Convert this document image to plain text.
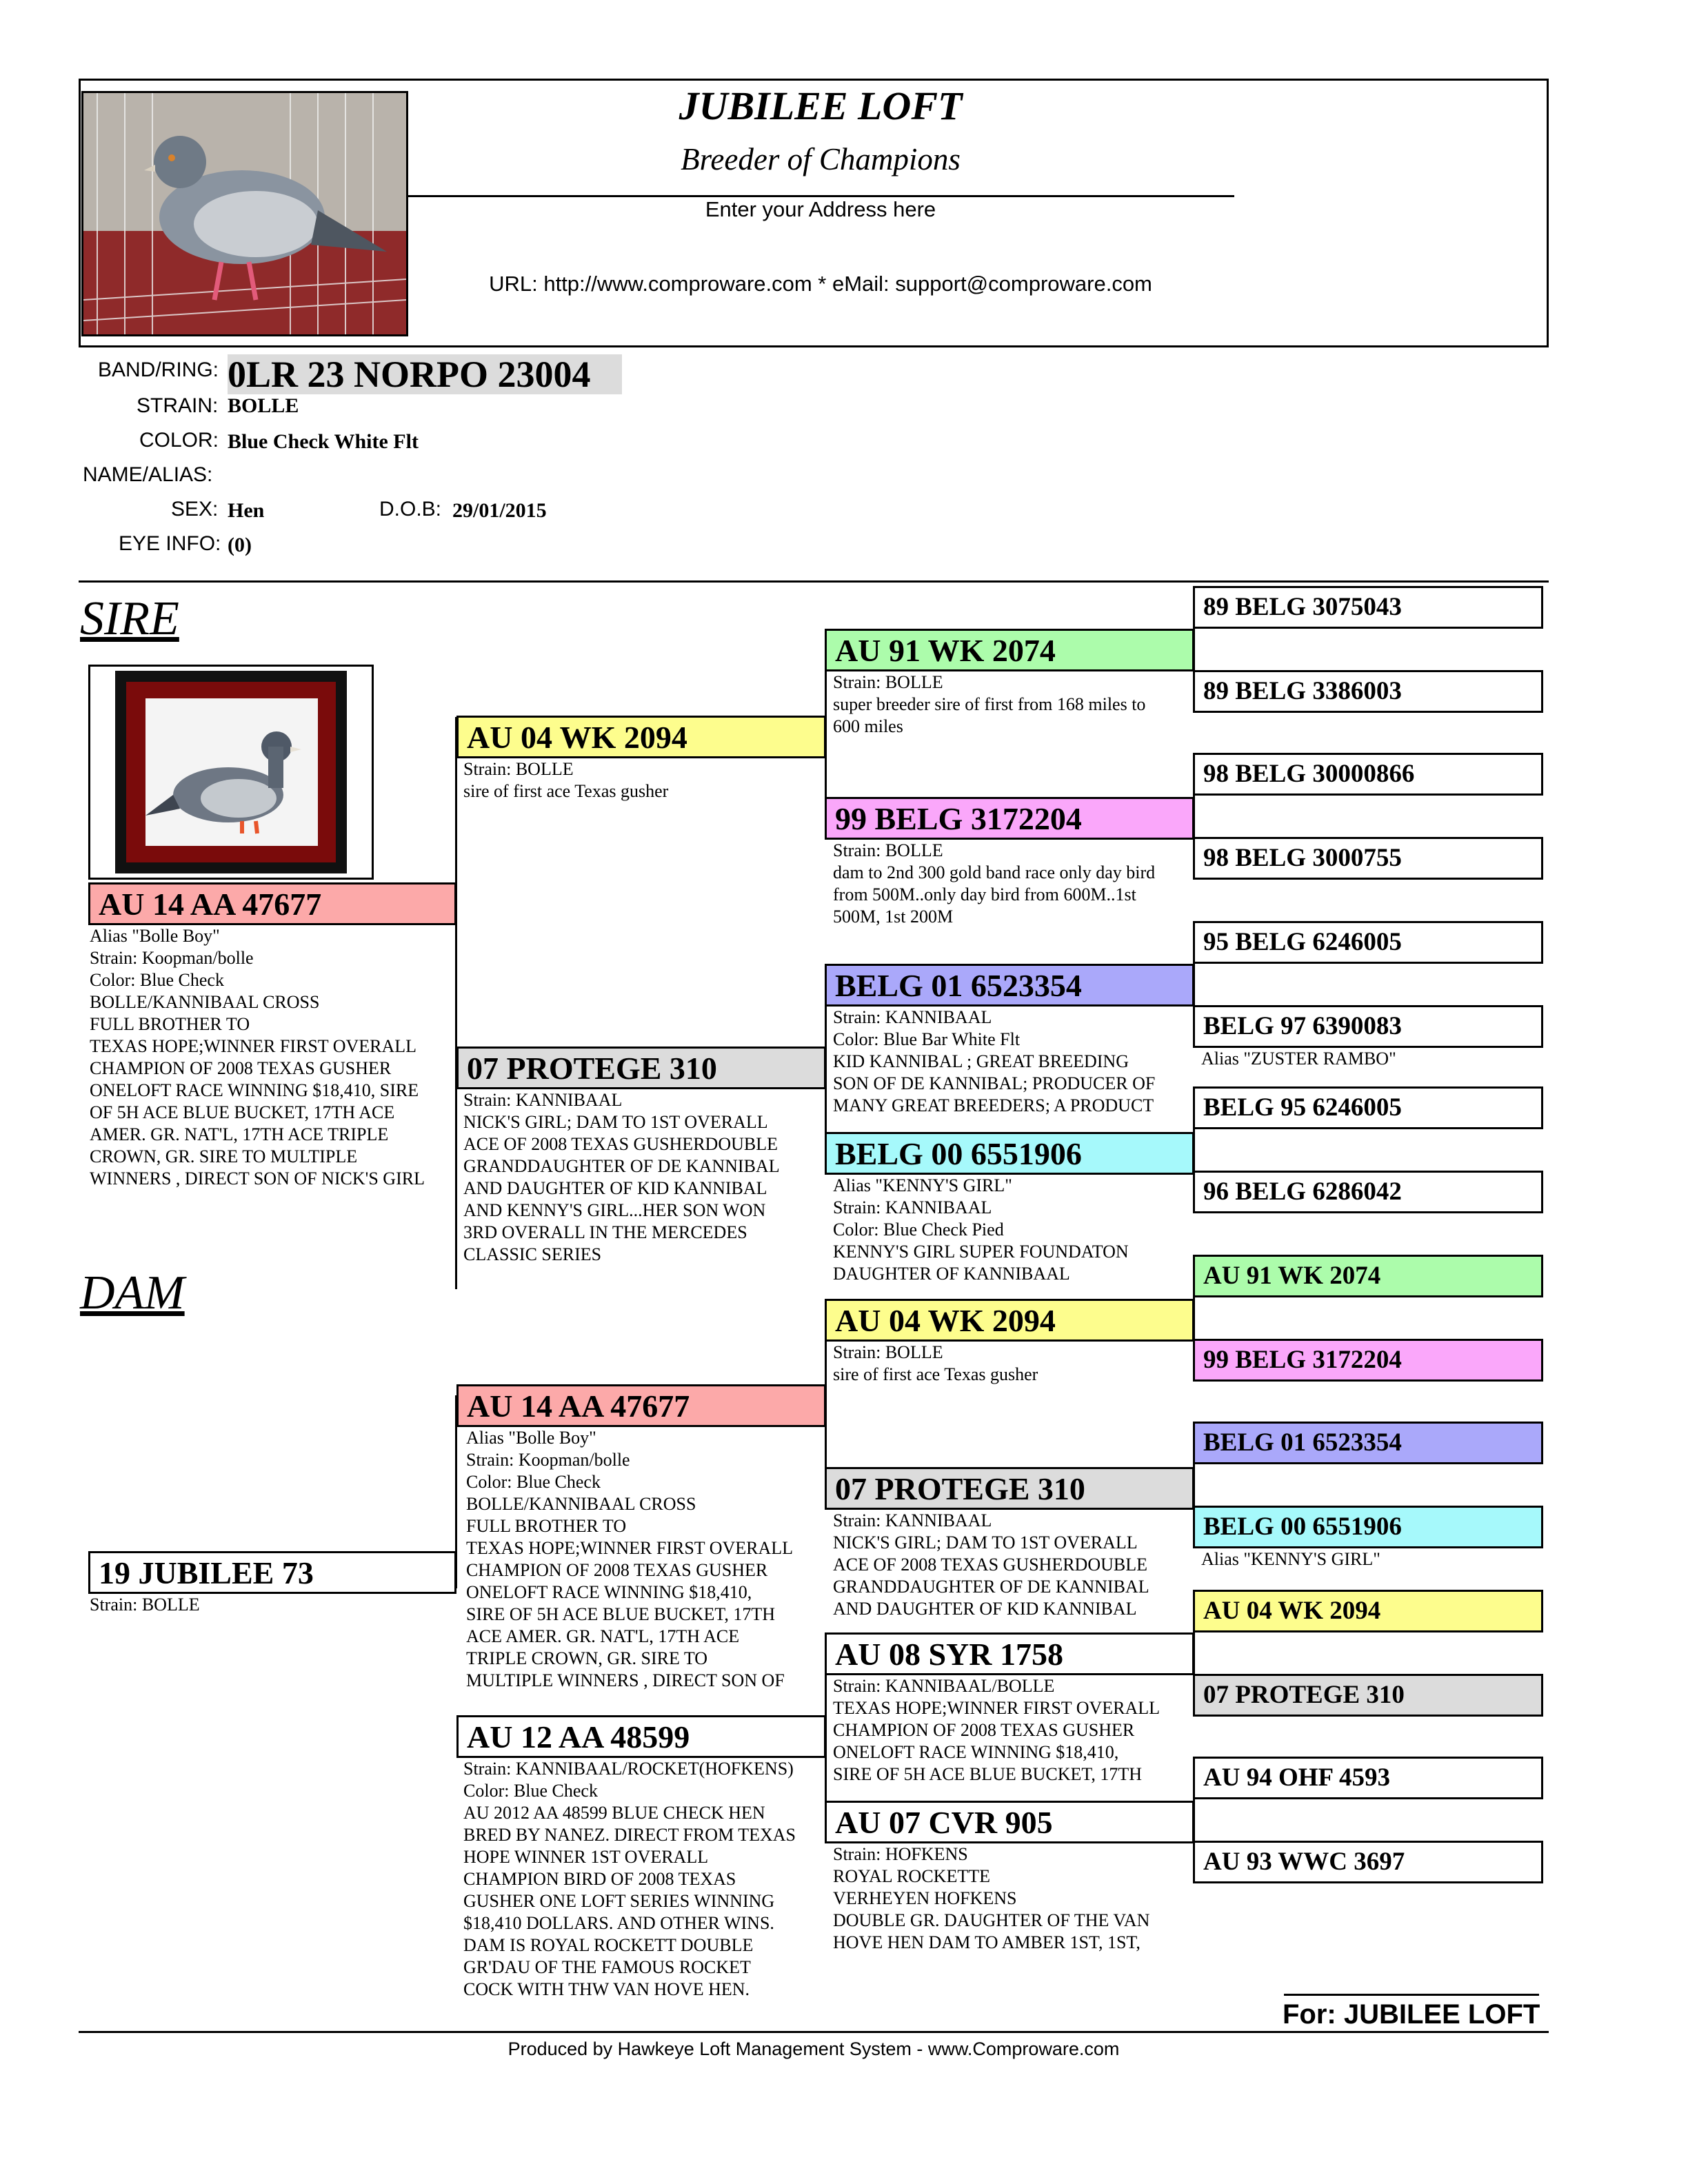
JUBILEE LOFT
Breeder of Champions
Enter your Address here
URL: http://www.comproware.com * eMail: support@comproware.com
BAND/RING: 0LR 23 NORPO 23004
STRAIN: BOLLE
COLOR: Blue Check White Flt
NAME/ALIAS:
SEX: Hen	D.O.B: 29/01/2015
EYE INFO: (0)
SIRE
DAM
AU 14 AA 47677
Alias "Bolle Boy"
Strain: Koopman/bolle
Color: Blue Check
BOLLE/KANNIBAAL CROSS
FULL BROTHER TO
TEXAS HOPE;WINNER FIRST OVERALL
CHAMPION OF 2008 TEXAS GUSHER
ONELOFT RACE WINNING $18,410, SIRE
OF 5H ACE BLUE BUCKET, 17TH ACE
AMER. GR. NAT'L, 17TH ACE TRIPLE
CROWN, GR. SIRE TO MULTIPLE
WINNERS , DIRECT SON OF NICK'S GIRL
19 JUBILEE 73
Strain: BOLLE
AU 04 WK 2094
Strain: BOLLE
sire of first ace Texas gusher
07 PROTEGE 310
Strain: KANNIBAAL
NICK'S GIRL; DAM TO 1ST OVERALL
ACE OF 2008 TEXAS GUSHERDOUBLE
GRANDDAUGHTER OF DE KANNIBAL
AND DAUGHTER OF KID KANNIBAL
AND KENNY'S GIRL...HER SON WON
3RD OVERALL IN THE MERCEDES
CLASSIC SERIES
AU 14 AA 47677
Alias "Bolle Boy"
Strain: Koopman/bolle
Color: Blue Check
BOLLE/KANNIBAAL CROSS
FULL BROTHER TO
TEXAS HOPE;WINNER FIRST OVERALL
CHAMPION OF 2008 TEXAS GUSHER
ONELOFT RACE WINNING $18,410,
SIRE OF 5H ACE BLUE BUCKET, 17TH
ACE AMER. GR. NAT'L, 17TH ACE
TRIPLE CROWN, GR. SIRE TO
MULTIPLE WINNERS , DIRECT SON OF
AU 12 AA 48599
Strain: KANNIBAAL/ROCKET(HOFKENS)
Color: Blue Check
AU 2012 AA 48599 BLUE CHECK HEN
BRED BY NANEZ. DIRECT FROM TEXAS
HOPE WINNER 1ST OVERALL
CHAMPION BIRD OF 2008 TEXAS
GUSHER ONE LOFT SERIES WINNING
$18,410 DOLLARS. AND OTHER WINS.
DAM IS ROYAL ROCKETT DOUBLE
GR'DAU OF THE FAMOUS ROCKET
COCK WITH THW VAN HOVE HEN.
AU 91 WK 2074
Strain: BOLLE
super breeder sire of first from 168 miles to
600 miles
99 BELG 3172204
Strain: BOLLE
dam to 2nd 300 gold band race only day bird
from 500M..only day bird from 600M..1st
500M, 1st 200M
BELG 01 6523354
Strain: KANNIBAAL
Color: Blue Bar White Flt
KID KANNIBAL ; GREAT BREEDING
SON OF DE KANNIBAL; PRODUCER OF
MANY GREAT BREEDERS; A PRODUCT
BELG 00 6551906
Alias "KENNY'S GIRL"
Strain: KANNIBAAL
Color: Blue Check Pied
KENNY'S GIRL SUPER FOUNDATON
DAUGHTER OF KANNIBAAL
AU 04 WK 2094
Strain: BOLLE
sire of first ace Texas gusher
07 PROTEGE 310
Strain: KANNIBAAL
NICK'S GIRL; DAM TO 1ST OVERALL
ACE OF 2008 TEXAS GUSHERDOUBLE
GRANDDAUGHTER OF DE KANNIBAL
AND DAUGHTER OF KID KANNIBAL
AU 08 SYR 1758
Strain: KANNIBAAL/BOLLE
TEXAS HOPE;WINNER FIRST OVERALL
CHAMPION OF 2008 TEXAS GUSHER
ONELOFT RACE WINNING $18,410,
SIRE OF 5H ACE BLUE BUCKET, 17TH
AU 07 CVR 905
Strain: HOFKENS
ROYAL ROCKETTE
VERHEYEN HOFKENS
DOUBLE GR. DAUGHTER OF THE VAN
HOVE HEN DAM TO AMBER 1ST, 1ST,
89 BELG 3075043
89 BELG 3386003
98 BELG 30000866
98 BELG 3000755
95 BELG 6246005
BELG 97 6390083
Alias "ZUSTER RAMBO"
BELG 95 6246005
96 BELG 6286042
AU 91 WK 2074
99 BELG 3172204
BELG 01 6523354
BELG 00 6551906
Alias "KENNY'S GIRL"
AU 04 WK 2094
07 PROTEGE 310
AU 94 OHF 4593
AU 93 WWC 3697
For: JUBILEE LOFT
Produced by Hawkeye Loft Management System - www.Comproware.com
